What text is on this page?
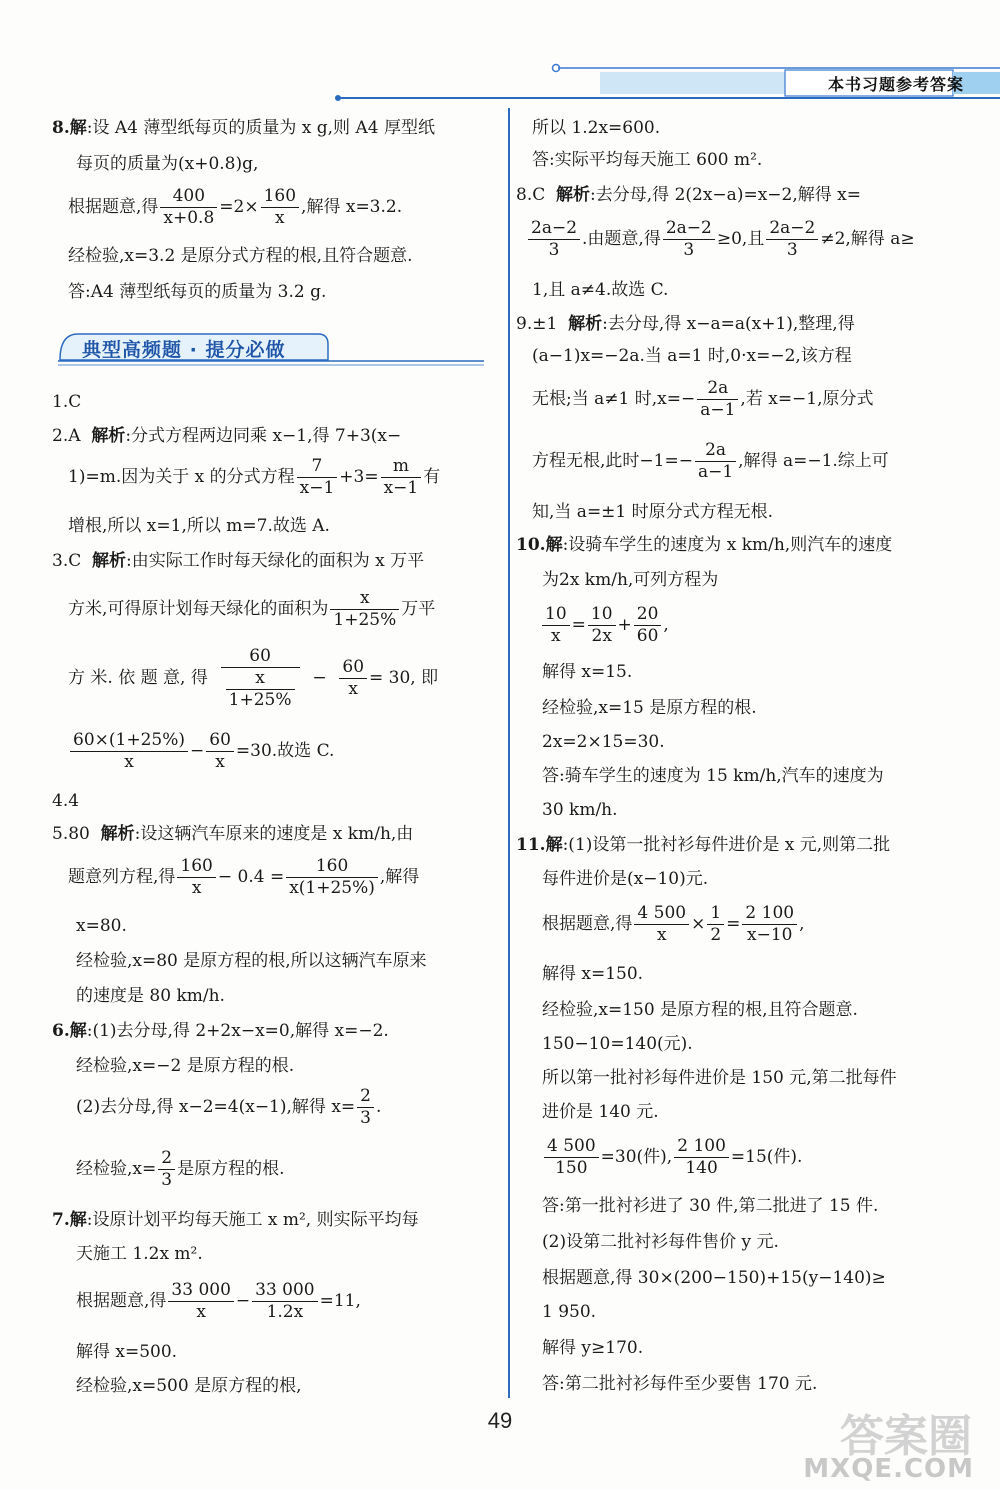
本书习题参考答案
8.解:设 A4 薄型纸每页的质量为 x g,则 A4 厚型纸
每页的质量为(x+0.8)g,
根据题意,得 $\frac{400}{x+0.8} =2\times \frac{160}{x}$ ,解得 x=3.2.
经检验,x=3.2 是原分式方程的根,且符合题意.
答:A4 薄型纸每页的质量为 3.2 g.
典型高频题 · 提分必做
1.C
2.A 解析:分式方程两边同乘 x−1,得 7+3(x−
1)=m.因为关于 x 的分式方程 $\frac{7}{x-1} +3= \frac{m}{x-1}$ 有
增根,所以 x=1,所以 m=7.故选 A.
3.C 解析:由实际工作时每天绿化的面积为 x 万平
方米,可得原计划每天绿化的面积为 $\frac{x}{1+25\%}$ 万平
方 米. 依 题 意, 得 $\frac{60}{\frac{x}{1+25\%}} - \frac{60}{x} = 30$, 即
$\frac{60\times(1+25\%)}{x} - \frac{60}{x} =30$.故选 C.
4.4
5.80 解析:设这辆汽车原来的速度是 x km/h,由
题意列方程,得 $\frac{160}{x} - 0.4 = \frac{160}{x(1+25\%)}$ ,解得
x=80.
经检验,x=80 是原方程的根,所以这辆汽车原来
的速度是 80 km/h.
6.解:(1)去分母,得 2+2x−x=0,解得 x=−2.
经检验,x=−2 是原方程的根.
(2)去分母,得 x−2=4(x−1),解得 $x= \frac{2}{3}$ .
经检验$,x= \frac{2}{3}$ 是原方程的根.
7.解:设原计划平均每天施工 x m², 则实际平均每
天施工 1.2x m².
根据题意,得 $\frac{33 000}{x} - \frac{33 000}{1.2x} =11$,
解得 x=500.
经检验,x=500 是原方程的根,
所以 1.2x=600.
答:实际平均每天施工 600 m².
8.C 解析:去分母,得 2(2x−a)=x−2,解得 x=
$\frac{2a-2}{3}$ .由题意,得 $\frac{2a-2}{3} \ge 0$,且 $\frac{2a-2}{3} \ne 2$,解得 a≥
1,且 a≠4.故选 C.
9.±1 解析:去分母,得 x−a=a(x+1),整理,得
(a−1)x=−2a.当 a=1 时,0·x=−2,该方程
无根;当 a≠1 时$,x=- \frac{2a}{a-1}$ ,若 x=−1,原分式
方程无根,此时$-1=- \frac{2a}{a-1}$ ,解得 a=−1.综上可
知,当 a=±1 时原分式方程无根.
10.解:设骑车学生的速度为 x km/h,则汽车的速度
为2x km/h,可列方程为
$\frac{10}{x} = \frac{10}{2x} + \frac{20}{60}$ ,
解得 x=15.
经检验,x=15 是原方程的根.
2x=2×15=30.
答:骑车学生的速度为 15 km/h,汽车的速度为
30 km/h.
11.解:(1)设第一批衬衫每件进价是 x 元,则第二批
每件进价是(x−10)元.
根据题意,得 $\frac{4 500}{x} \times \frac{1}{2} = \frac{2 100}{x-10}$ ,
解得 x=150.
经检验,x=150 是原方程的根,且符合题意.
150−10=140(元).
所以第一批衬衫每件进价是 150 元,第二批每件
进价是 140 元.
$\frac{4 500}{150} =30$(件), $\frac{2 100}{140} =15$(件).
答:第一批衬衫进了 30 件,第二批进了 15 件.
(2)设第二批衬衫每件售价 y 元.
根据题意,得 30×(200−150)+15(y−140)≥
1 950.
解得 y≥170.
答:第二批衬衫每件至少要售 170 元.
49	答案圈
MXQE.COM
